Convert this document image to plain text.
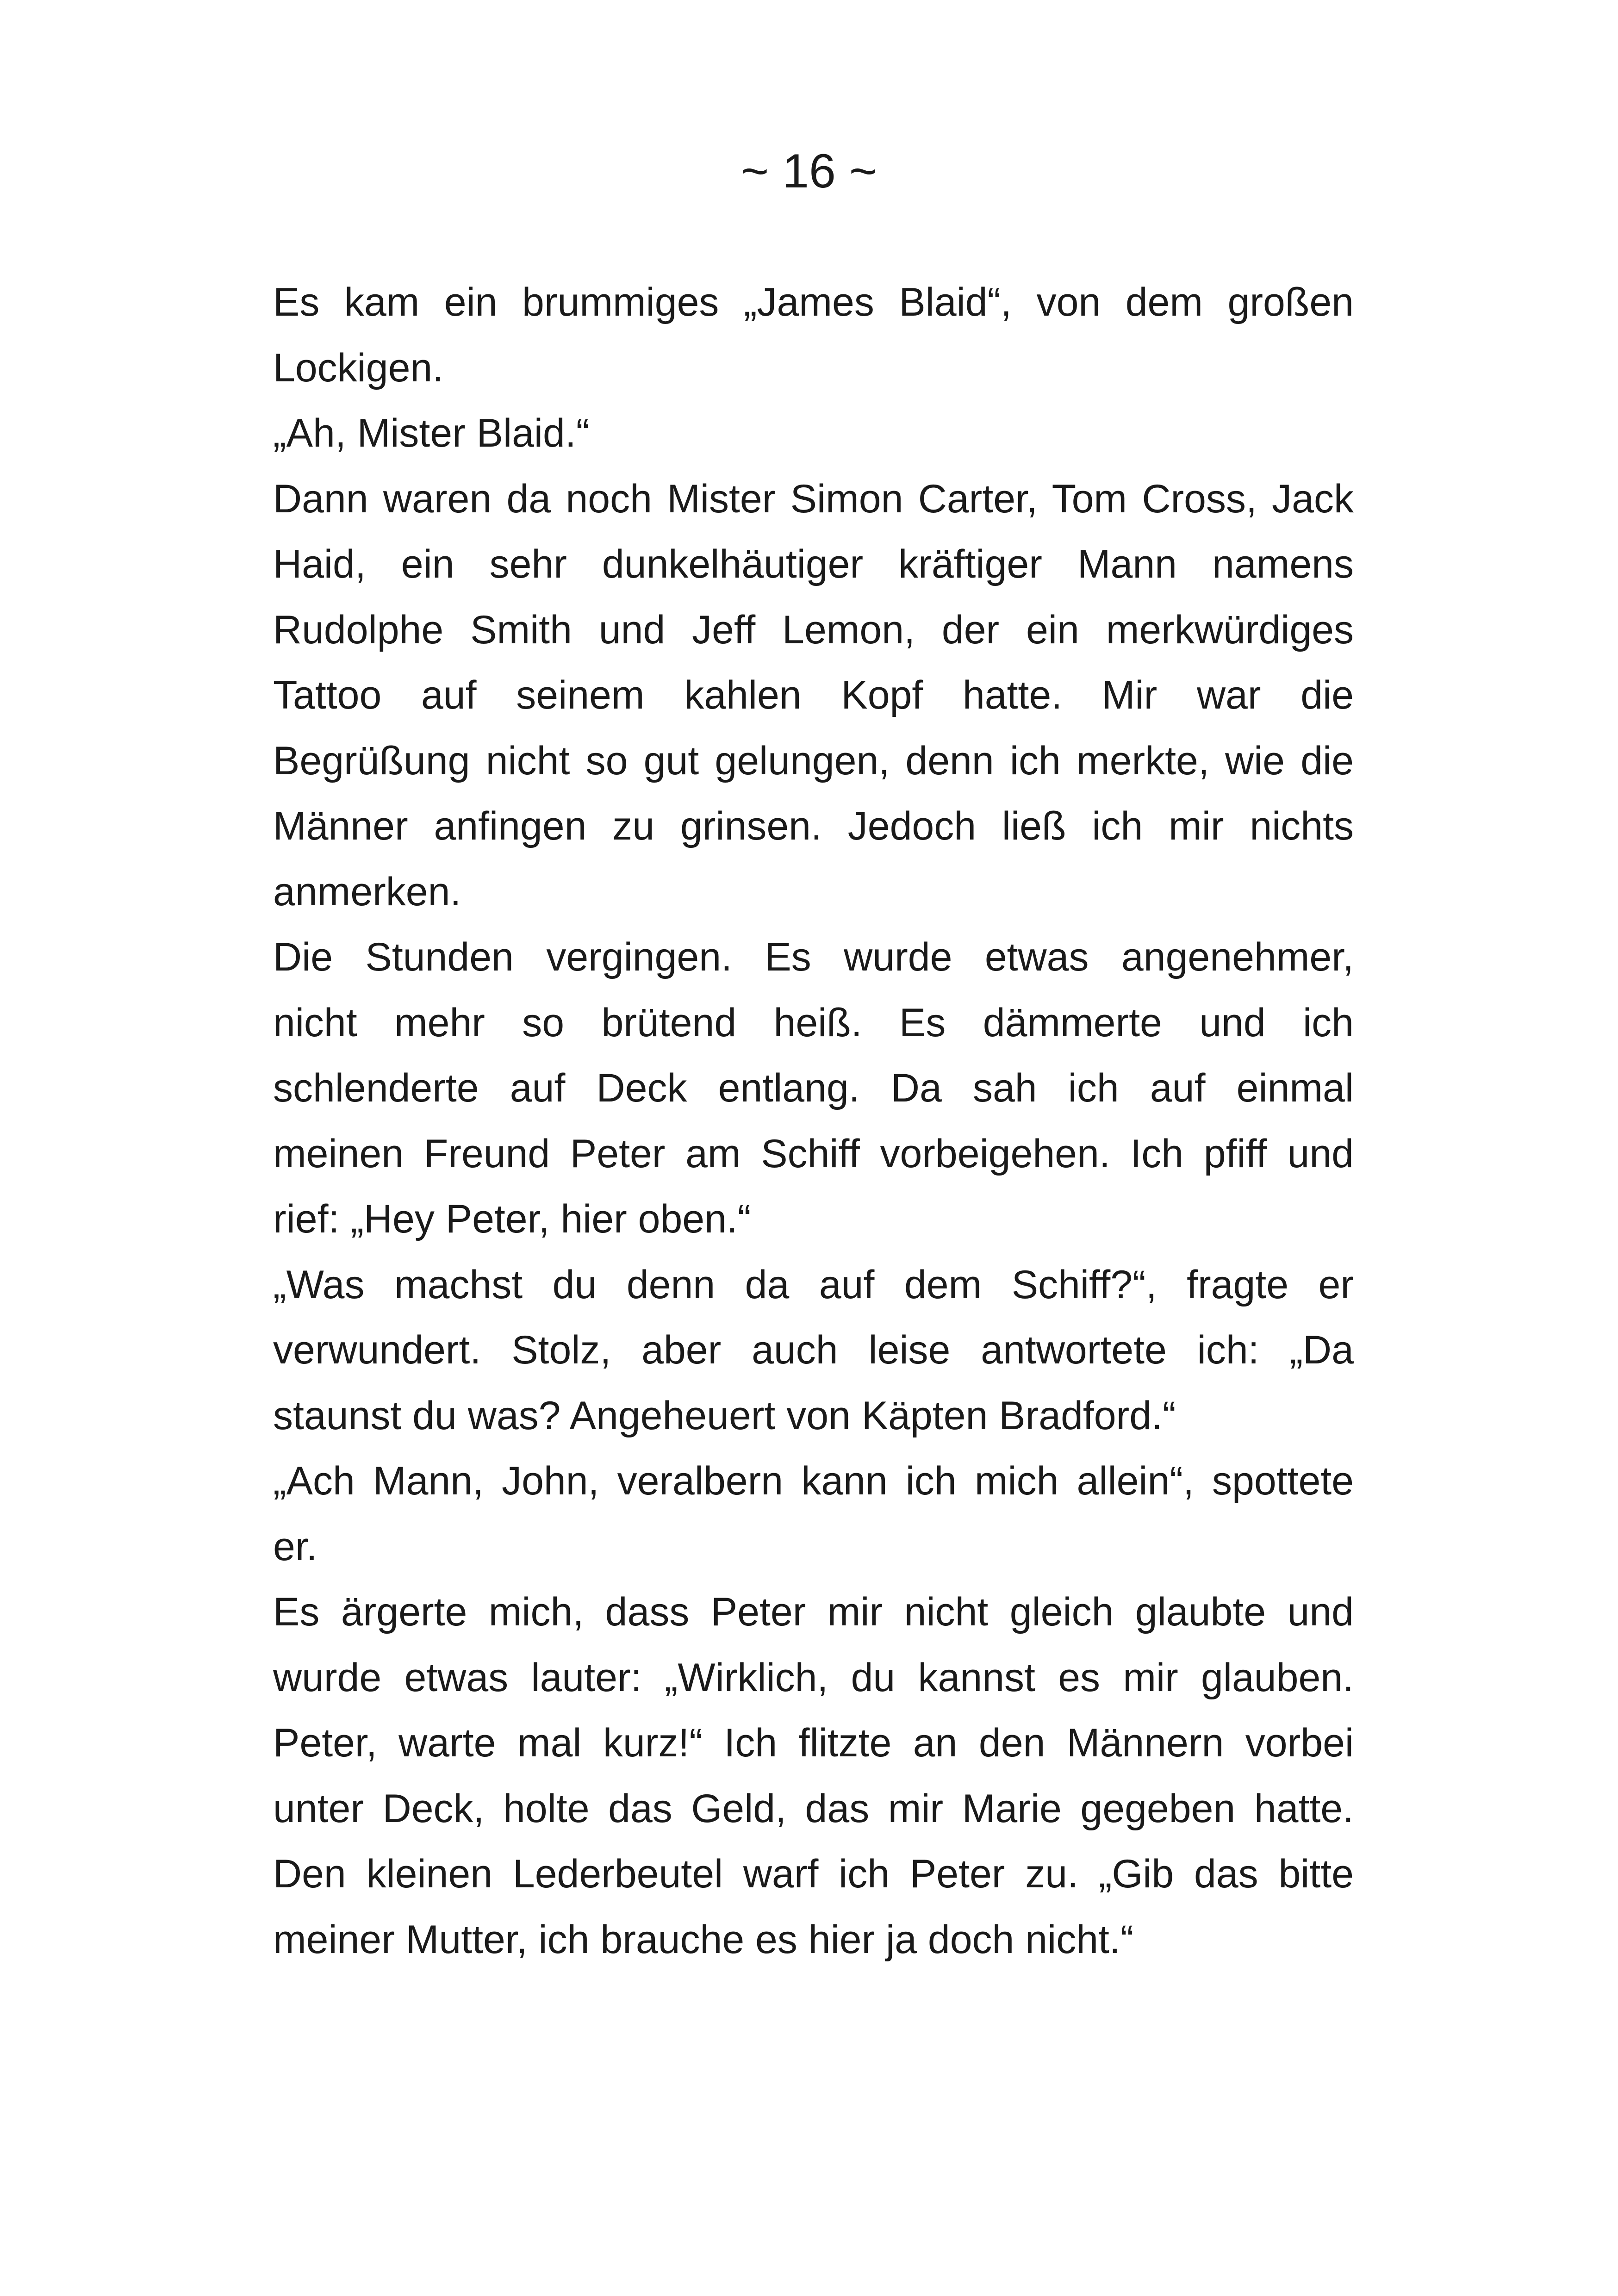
~ 16 ~
Es kam ein brummiges „James Blaid“, von dem großen
Lockigen.
„Ah, Mister Blaid.“
Dann waren da noch Mister Simon Carter, Tom Cross, Jack
Haid, ein sehr dunkelhäutiger kräftiger Mann namens
Rudolphe Smith und Jeff Lemon, der ein merkwürdiges
Tattoo auf seinem kahlen Kopf hatte. Mir war die
Begrüßung nicht so gut gelungen, denn ich merkte, wie die
Männer anfingen zu grinsen. Jedoch ließ ich mir nichts
anmerken.
Die Stunden vergingen. Es wurde etwas angenehmer,
nicht mehr so brütend heiß. Es dämmerte und ich
schlenderte auf Deck entlang. Da sah ich auf einmal
meinen Freund Peter am Schiff vorbeigehen. Ich pfiff und
rief: „Hey Peter, hier oben.“
„Was machst du denn da auf dem Schiff?“, fragte er
verwundert. Stolz, aber auch leise antwortete ich: „Da
staunst du was? Angeheuert von Käpten Bradford.“
„Ach Mann, John, veralbern kann ich mich allein“, spottete
er.
Es ärgerte mich, dass Peter mir nicht gleich glaubte und
wurde etwas lauter: „Wirklich, du kannst es mir glauben.
Peter, warte mal kurz!“ Ich flitzte an den Männern vorbei
unter Deck, holte das Geld, das mir Marie gegeben hatte.
Den kleinen Lederbeutel warf ich Peter zu. „Gib das bitte
meiner Mutter, ich brauche es hier ja doch nicht.“
